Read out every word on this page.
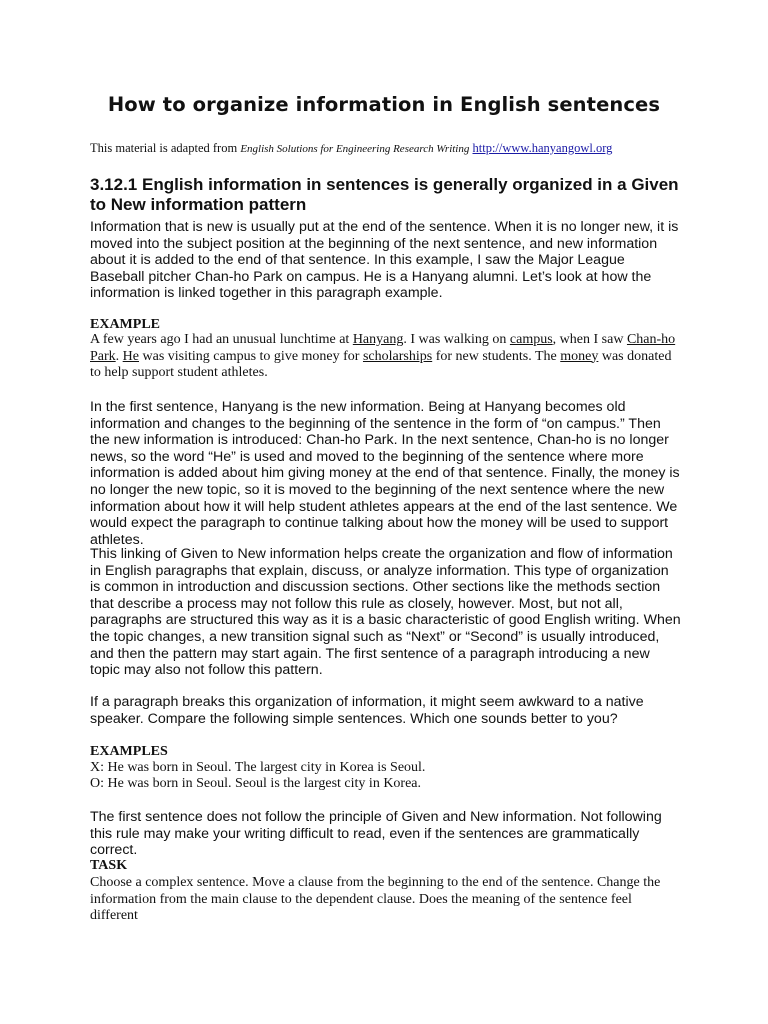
How to organize information in English sentences
This material is adapted from English Solutions for Engineering Research Writing http://www.hanyangowl.org
3.12.1 English information in sentences is generally organized in a Given to New information pattern

Information that is new is usually put at the end of the sentence. When it is no longer new, it is moved into the subject position at the beginning of the next sentence, and new information about it is added to the end of that sentence. In this example, I saw the Major League Baseball pitcher Chan-ho Park on campus. He is a Hanyang alumni. Let’s look at how the information is linked together in this paragraph example.

EXAMPLE

A few years ago I had an unusual lunchtime at Hanyang. I was walking on campus, when I saw Chan-ho Park. He was visiting campus to give money for scholarships for new students. The money was donated to help support student athletes.

In the first sentence, Hanyang is the new information. Being at Hanyang becomes old information and changes to the beginning of the sentence in the form of “on campus.” Then the new information is introduced: Chan-ho Park. In the next sentence, Chan-ho is no longer news, so the word “He” is used and moved to the beginning of the sentence where more information is added about him giving money at the end of that sentence. Finally, the money is no longer the new topic, so it is moved to the beginning of the next sentence where the new information about how it will help student athletes appears at the end of the last sentence. We would expect the paragraph to continue talking about how the money will be used to support athletes.

This linking of Given to New information helps create the organization and flow of information in English paragraphs that explain, discuss, or analyze information. This type of organization is common in introduction and discussion sections. Other sections like the methods section that describe a process may not follow this rule as closely, however. Most, but not all, paragraphs are structured this way as it is a basic characteristic of good English writing. When the topic changes, a new transition signal such as “Next” or “Second” is usually introduced, and then the pattern may start again. The first sentence of a paragraph introducing a new topic may also not follow this pattern.

If a paragraph breaks this organization of information, it might seem awkward to a native speaker. Compare the following simple sentences. Which one sounds better to you?

EXAMPLES
X: He was born in Seoul. The largest city in Korea is Seoul.
O: He was born in Seoul. Seoul is the largest city in Korea.

The first sentence does not follow the principle of Given and New information. Not following this rule may make your writing difficult to read, even if the sentences are grammatically correct.

TASK

Choose a complex sentence. Move a clause from the beginning to the end of the sentence. Change the information from the main clause to the dependent clause. Does the meaning of the sentence feel different
